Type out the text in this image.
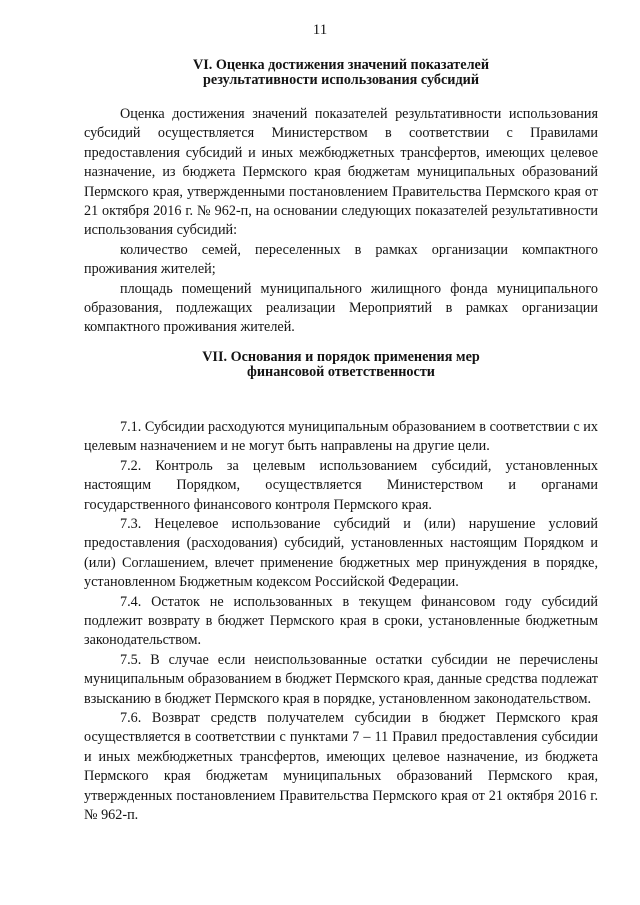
11
VI. Оценка достижения значений показателей
результативности использования субсидий

Оценка достижения значений показателей результативности использования субсидий осуществляется Министерством в соответствии с Правилами предоставления субсидий и иных межбюджетных трансфертов, имеющих целевое назначение, из бюджета Пермского края бюджетам муниципальных образований Пермского края, утвержденными постановлением Правительства Пермского края от 21 октября 2016 г. № 962-п, на основании следующих показателей результативности использования субсидий:

количество семей, переселенных в рамках организации компактного проживания жителей;

площадь помещений муниципального жилищного фонда муниципального образования, подлежащих реализации Мероприятий в рамках организации компактного проживания жителей.

VII. Основания и порядок применения мер
финансовой ответственности

7.1. Субсидии расходуются муниципальным образованием в соответствии с их целевым назначением и не могут быть направлены на другие цели.

7.2. Контроль за целевым использованием субсидий, установленных настоящим Порядком, осуществляется Министерством и органами государственного финансового контроля Пермского края.

7.3. Нецелевое использование субсидий и (или) нарушение условий предоставления (расходования) субсидий, установленных настоящим Порядком и (или) Соглашением, влечет применение бюджетных мер принуждения в порядке, установленном Бюджетным кодексом Российской Федерации.

7.4. Остаток не использованных в текущем финансовом году субсидий подлежит возврату в бюджет Пермского края в сроки, установленные бюджетным законодательством.

7.5. В случае если неиспользованные остатки субсидии не перечислены муниципальным образованием в бюджет Пермского края, данные средства подлежат взысканию в бюджет Пермского края в порядке, установленном законодательством.

7.6. Возврат средств получателем субсидии в бюджет Пермского края осуществляется в соответствии с пунктами 7 – 11 Правил предоставления субсидии и иных межбюджетных трансфертов, имеющих целевое назначение, из бюджета Пермского края бюджетам муниципальных образований Пермского края, утвержденных постановлением Правительства Пермского края от 21 октября 2016 г. № 962-п.
